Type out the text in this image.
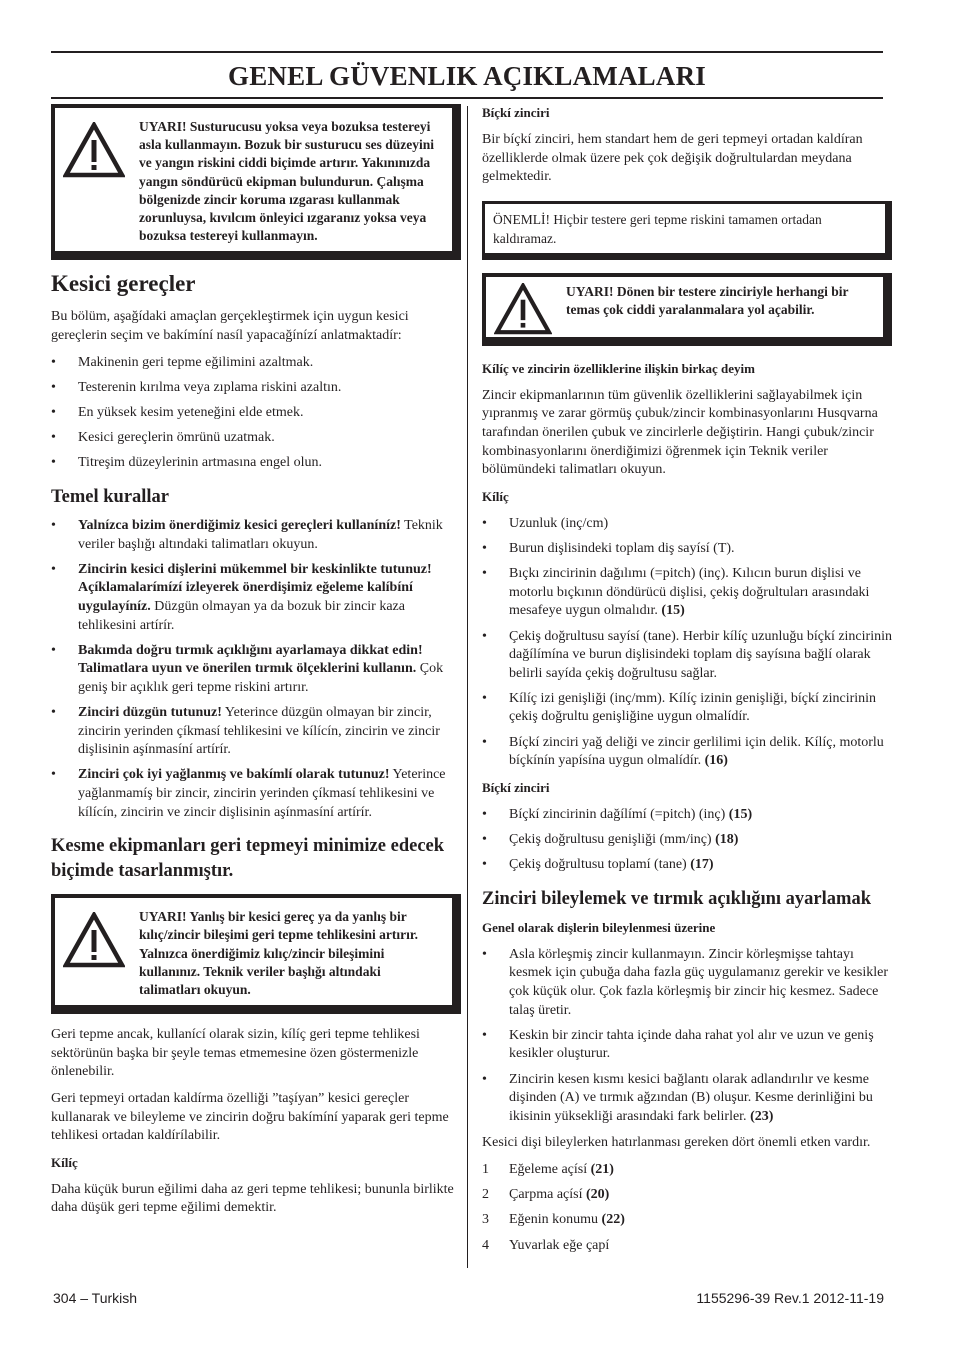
GENEL GÜVENLIK AÇIKLAMALARI
UYARI! Susturucusu yoksa veya bozuksa testereyi asla kullanmayın. Bozuk bir susturucu ses düzeyini ve yangın riskini ciddi biçimde artırır. Yakınınızda yangın söndürücü ekipman bulundurun. Çalışma bölgenizde zincir koruma ızgarası kullanmak zorunluysa, kıvılcım önleyici ızgaranız yoksa veya bozuksa testereyi kullanmayın.
Kesici gereçler

Bu bölüm, aşağídaki amaçlan gerçekleştirmek için uygun kesici gereçlerin seçim ve bakímíní nasíl yapacağínízí anlatmaktadír:

• Makinenin geri tepme eğilimini azaltmak.
• Testerenin kırılma veya zıplama riskini azaltın.
• En yüksek kesim yeteneğini elde etmek.
• Kesici gereçlerin ömrünü uzatmak.
• Titreşim düzeylerinin artmasına engel olun.
Temel kurallar
• Yalnízca bizim önerdiğimiz kesici gereçleri kullaníníz! Teknik veriler başlığı altındaki talimatları okuyun.
• Zincirin kesici dişlerini mükemmel bir keskinlikte tutunuz! Açíklamalarímízí izleyerek önerdişimiz eğeleme kalíbíní uygulayíníz. Düzgün olmayan ya da bozuk bir zincir kaza tehlikesini artírír.
• Bakımda doğru tırmık açıklığını ayarlamaya dikkat edin! Talimatlara uyun ve önerilen tırmık ölçeklerini kullanın. Çok geniş bir açıklık geri tepme riskini artırır.
• Zinciri düzgün tutunuz! Yeterince düzgün olmayan bir zincir, zincirin yerinden çíkmasí tehlikesini ve kílícín, zincirin ve zincir dişlisinin aşínmasíní artírír.
• Zinciri çok iyi yağlanmış ve bakímlí olarak tutunuz! Yeterince yağlanmamíş bir zincir, zincirin yerinden çíkmasí tehlikesini ve kílícín, zincirin ve zincir dişlisinin aşínmasíní artírír.
Kesme ekipmanları geri tepmeyi minimize edecek biçimde tasarlanmıştır.
UYARI! Yanlış bir kesici gereç ya da yanlış bir kılıç/zincir bileşimi geri tepme tehlikesini artırır. Yalnızca önerdiğimiz kılıç/zincir bileşimini kullanınız. Teknik veriler başlığı altındaki talimatları okuyun.

Geri tepme ancak, kullanící olarak sizin, kílíç geri tepme tehlikesi sektörünün başka bir şeyle temas etmemesine özen göstermenizle önlenebilir.

Geri tepmeyi ortadan kaldírma özelliği ”taşíyan” kesici gereçler kullanarak ve bileyleme ve zincirin doğru bakímíní yaparak geri tepme tehlikesi ortadan kaldírílabilir.

Kílíç

Daha küçük burun eğilimi daha az geri tepme tehlikesi; bununla birlikte daha düşük geri tepme eğilimi demektir.

Bíçkí zinciri

Bir bíçkí zinciri, hem standart hem de geri tepmeyi ortadan kaldíran özelliklerde olmak üzere pek çok değişik doğrultulardan meydana gelmektedir.

ÖNEMLİ! Hiçbir testere geri tepme riskini tamamen ortadan kaldıramaz.

UYARI! Dönen bir testere zinciriyle herhangi bir temas çok ciddi yaralanmalara yol açabilir.
Kílíç ve zincirin özelliklerine ilişkin birkaç deyim

Zincir ekipmanlarının tüm güvenlik özelliklerini sağlayabilmek için yıpranmış ve zarar görmüş çubuk/zincir kombinasyonlarını Husqvarna tarafından önerilen çubuk ve zincirlerle değiştirin. Hangi çubuk/zincir kombinasyonlarını önerdiğimizi öğrenmek için Teknik veriler bölümündeki talimatları okuyun.

Kílíç
• Uzunluk (inç/cm)
• Burun dişlisindeki toplam diş sayísí (T).
• Bıçkı zincirinin dağılımı (=pitch) (inç). Kılıcın burun dişlisi ve motorlu bıçkının döndürücü dişlisi, çekiş doğrultuları arasındaki mesafeye uygun olmalıdır. (15)
• Çekiş doğrultusu sayísí (tane). Herbir kílíç uzunluğu bíçkí zincirinin dağílímína ve burun dişlisindeki toplam diş sayísına bağlí olarak belirli sayída çekiş doğrultusu sağlar.
• Kílíç izi genişliği (inç/mm). Kílíç izinin genişliği, bíçkí zincirinin çekiş doğrultu genişliğine uygun olmalídír.
• Bíçkí zinciri yağ deliği ve zincir gerlilimi için delik. Kílíç, motorlu bíçkínín yapísína uygun olmalídír. (16)
Bíçkí zinciri
• Bíçkí zincirinin dağílímí (=pitch) (inç) (15)
• Çekiş doğrultusu genişliği (mm/inç) (18)
• Çekiş doğrultusu toplamí (tane) (17)
Zinciri bileylemek ve tırmık açıklığını ayarlamak
Genel olarak dişlerin bileylenmesi üzerine
• Asla körleşmiş zincir kullanmayın. Zincir körleşmişse tahtayı kesmek için çubuğa daha fazla güç uygulamanız gerekir ve kesikler çok küçük olur. Çok fazla körleşmiş bir zincir hiç kesmez. Sadece talaş üretir.
• Keskin bir zincir tahta içinde daha rahat yol alır ve uzun ve geniş kesikler oluşturur.
• Zincirin kesen kısmı kesici bağlantı olarak adlandırılır ve kesme dişinden (A) ve tırmık ağzından (B) oluşur. Kesme derinliğini bu ikisinin yüksekliği arasındaki fark belirler. (23)

Kesici dişi bileylerken hatırlanması gereken dört önemli etken vardır.

1 Eğeleme açísí (21)
2 Çarpma açísí (20)
3 Eğenin konumu (22)
4 Yuvarlak eğe çapí
304 – Turkish	1155296-39 Rev.1 2012-11-19
